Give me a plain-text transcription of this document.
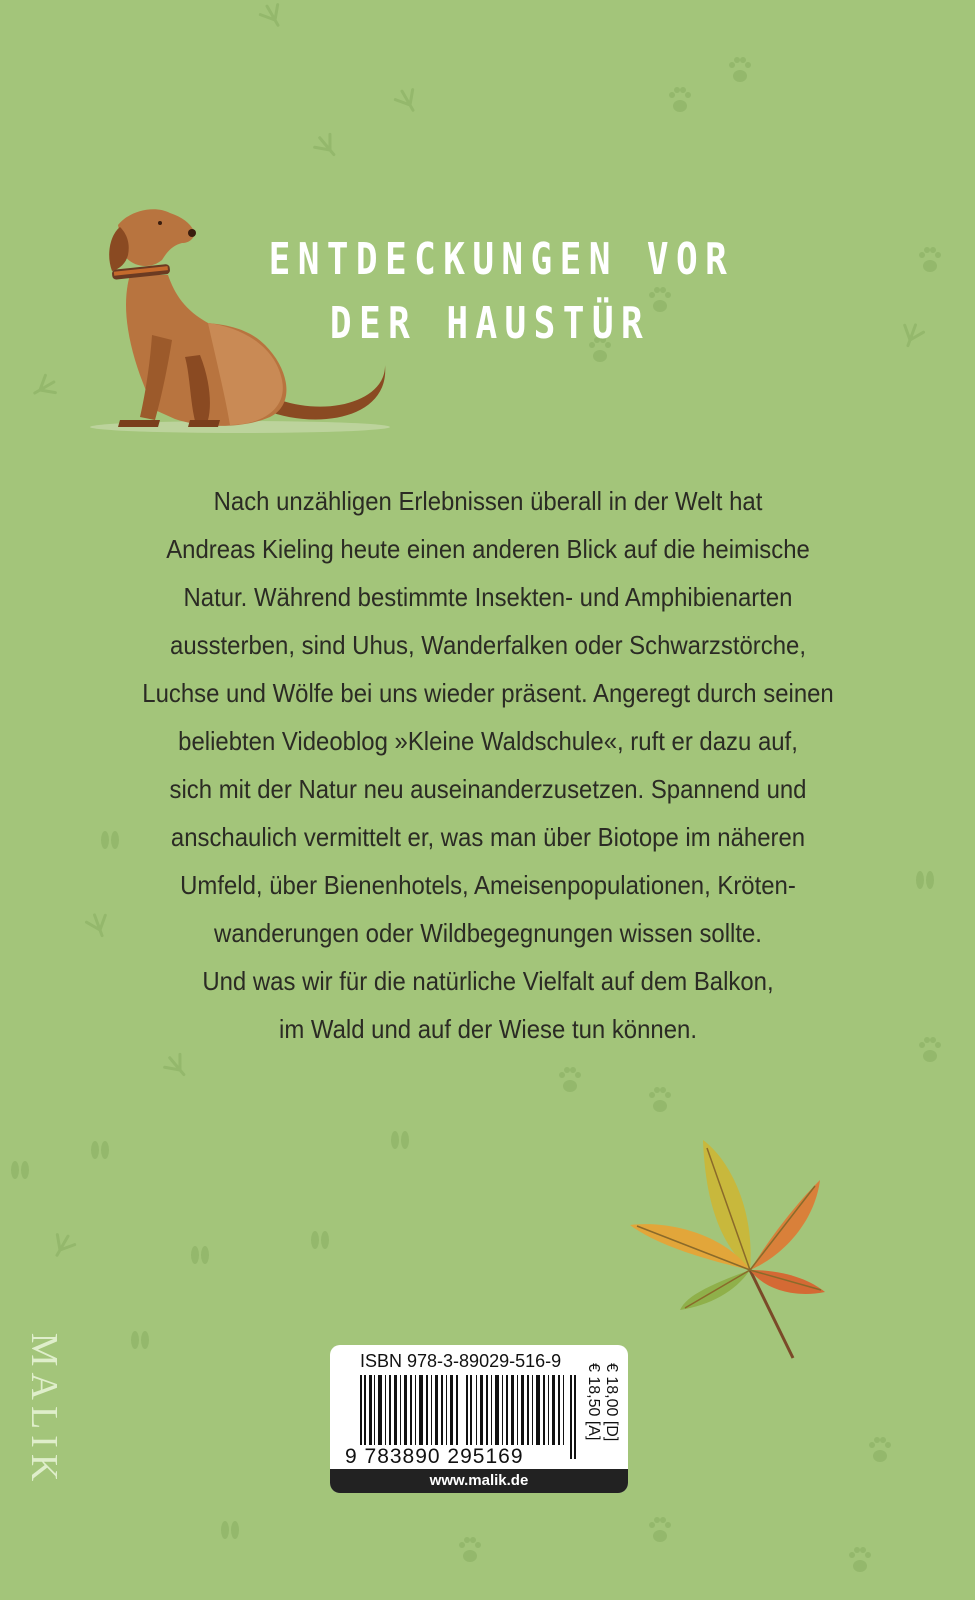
ENTDECKUNGEN VOR
DER HAUSTÜR
Nach unzähligen Erlebnissen überall in der Welt hat
Andreas Kieling heute einen anderen Blick auf die heimische
Natur. Während bestimmte Insekten- und Amphibienarten
aussterben, sind Uhus, Wanderfalken oder Schwarzstörche,
Luchse und Wölfe bei uns wieder präsent. Angeregt durch seinen
beliebten Videoblog »Kleine Waldschule«, ruft er dazu auf,
sich mit der Natur neu auseinanderzusetzen. Spannend und
anschaulich vermittelt er, was man über Biotope im näheren
Umfeld, über Bienenhotels, Ameisenpopulationen, Kröten-
wanderungen oder Wildbegegnungen wissen sollte.
Und was wir für die natürliche Vielfalt auf dem Balkon,
im Wald und auf der Wiese tun können.
MALIK	ISBN 978-3-89029-516-9
9 783890 295169
€ 18,00 [D]
€ 18,50 [A]
www.malik.de
